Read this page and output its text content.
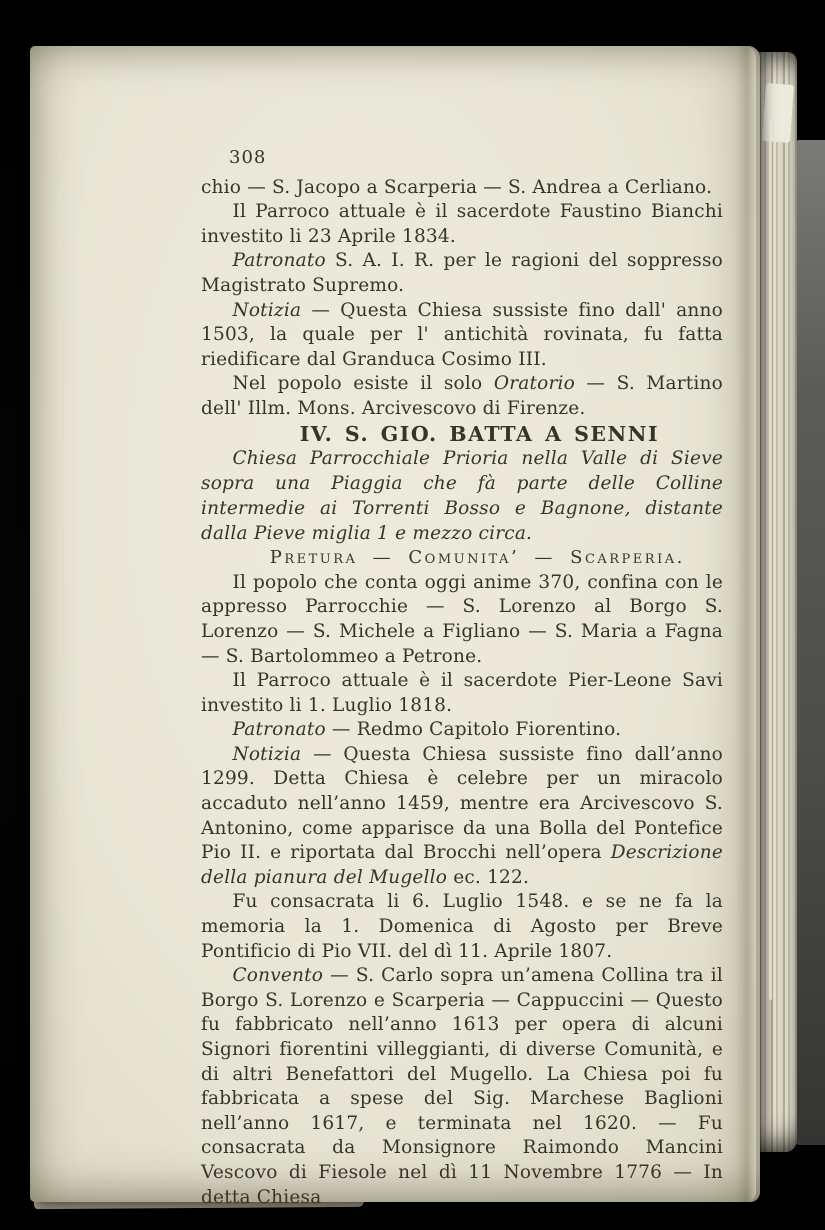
308

chio — S. Jacopo a Scarperia — S. Andrea a Cerliano.

Il Parroco attuale è il sacerdote Faustino Bianchi investito li 23 Aprile 1834.

Patronato S. A. I. R. per le ragioni del soppresso Magistrato Supremo.

Notizia — Questa Chiesa sussiste fino dall' anno 1503, la quale per l' antichità rovinata, fu fatta riedificare dal Granduca Cosimo III.

Nel popolo esiste il solo Oratorio — S. Martino dell' Illm. Mons. Arcivescovo di Firenze.

IV. S. GIO. BATTA A SENNI

Chiesa Parrocchiale Prioria nella Valle di Sieve sopra una Piaggia che fà parte delle Colline intermedie ai Torrenti Bosso e Bagnone, distante dalla Pieve miglia 1 e mezzo circa.

Pretura — Comunita’ — Scarperia.

Il popolo che conta oggi anime 370, confina con le appresso Parrocchie — S. Lorenzo al Borgo S. Lorenzo — S. Michele a Figliano — S. Maria a Fagna — S. Bartolommeo a Petrone.

Il Parroco attuale è il sacerdote Pier-Leone Savi investito li 1. Luglio 1818.

Patronato — Redmo Capitolo Fiorentino.

Notizia — Questa Chiesa sussiste fino dall’anno 1299. Detta Chiesa è celebre per un miracolo accaduto nell’anno 1459, mentre era Arcivescovo S. Antonino, come apparisce da una Bolla del Pontefice Pio II. e riportata dal Brocchi nell’opera Descrizione della pianura del Mugello ec. 122.

Fu consacrata li 6. Luglio 1548. e se ne fa la memoria la 1. Domenica di Agosto per Breve Pontificio di Pio VII. del dì 11. Aprile 1807.

Convento — S. Carlo sopra un’amena Collina tra il Borgo S. Lorenzo e Scarperia — Cappuccini — Questo fu fabbricato nell’anno 1613 per opera di alcuni Signori fiorentini villeggianti, di diverse Comunità, e di altri Benefattori del Mugello. La Chiesa poi fu fabbricata a spese del Sig. Marchese Baglioni nell’anno 1617, e terminata nel 1620. — Fu consacrata da Monsignore Raimondo Mancini Vescovo di Fiesole nel dì 11 Novembre 1776 — In detta Chiesa
